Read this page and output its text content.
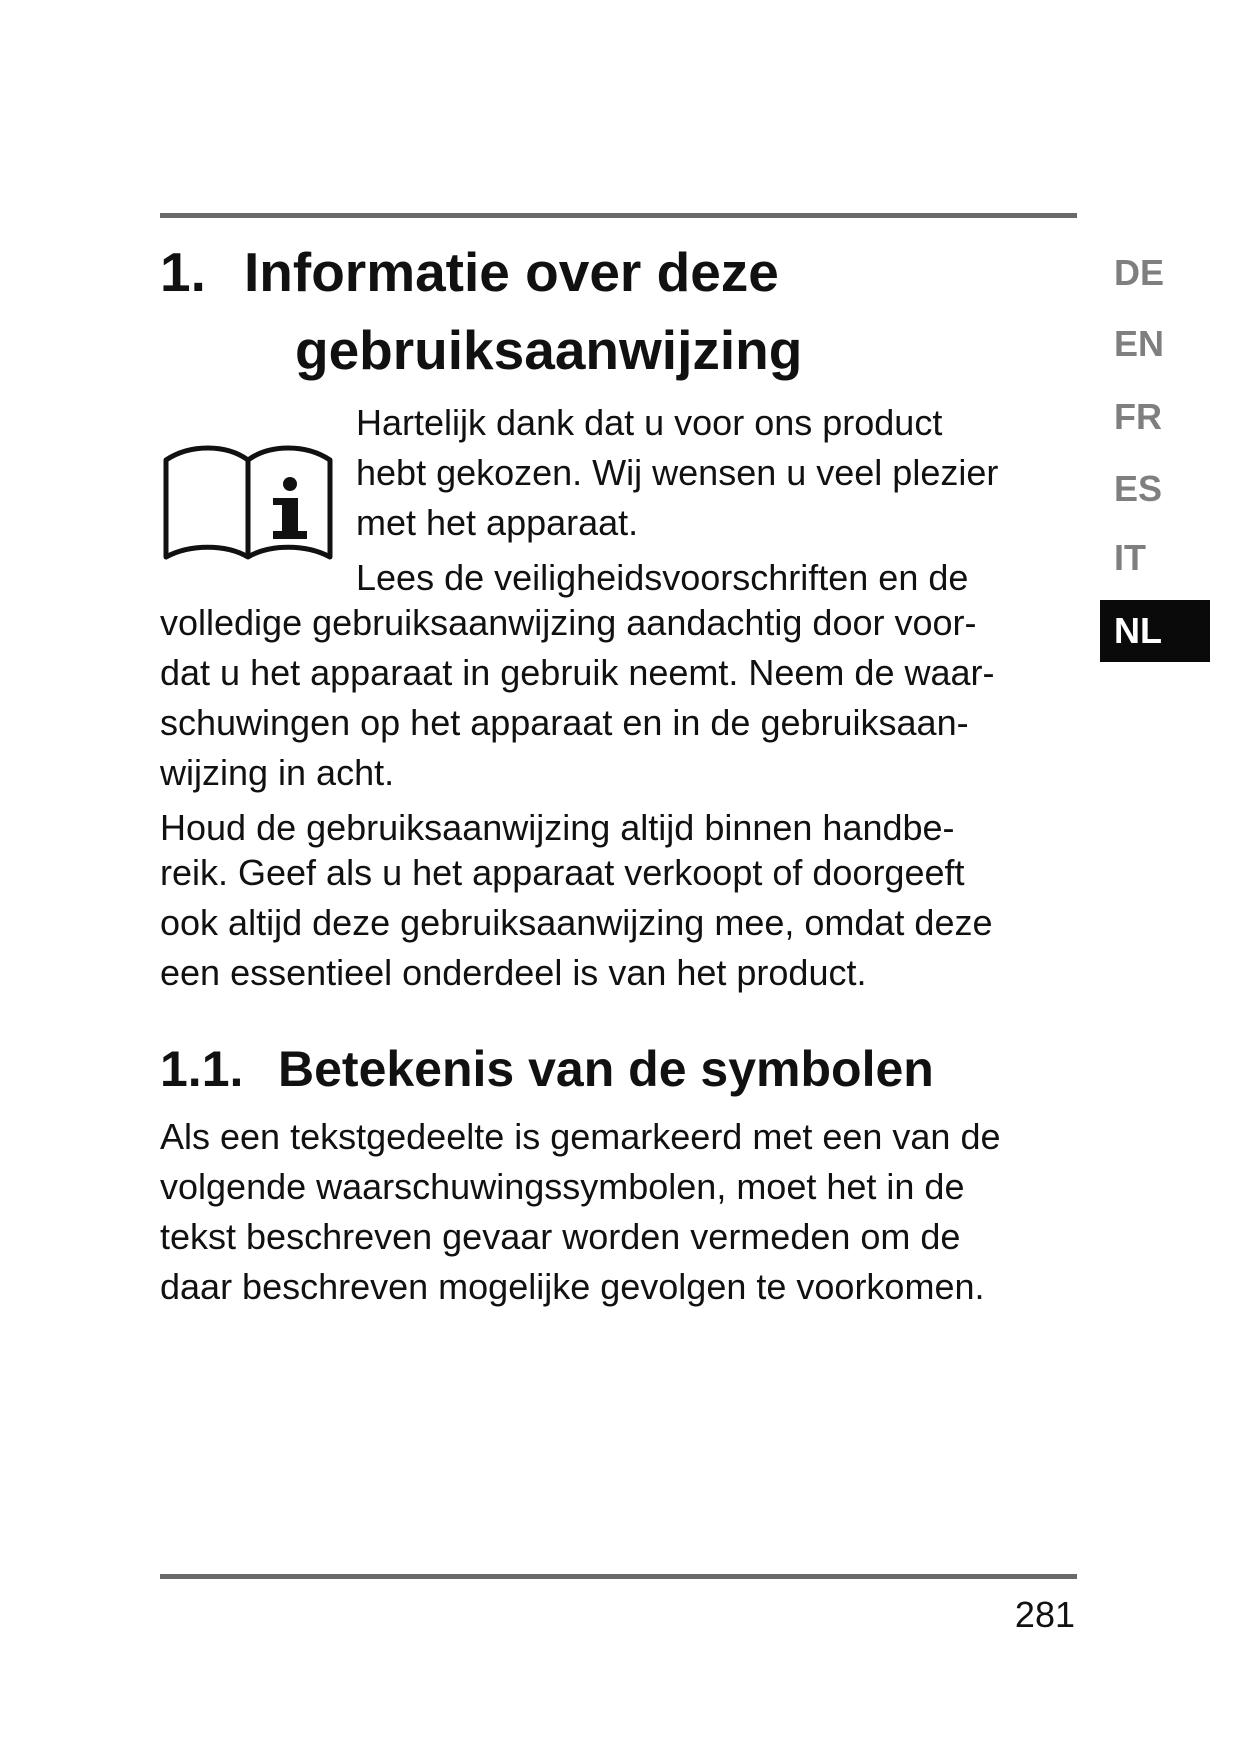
1. Informatie over deze
gebruiksaanwijzing

Hartelijk dank dat u voor ons product

hebt gekozen. Wij wensen u veel plezier

met het apparaat.

Lees de veiligheidsvoorschriften en de

volledige gebruiksaanwijzing aandachtig door voor-

dat u het apparaat in gebruik neemt. Neem de waar-

schuwingen op het apparaat en in de gebruiksaan-

wijzing in acht.

Houd de gebruiksaanwijzing altijd binnen handbe-

reik. Geef als u het apparaat verkoopt of doorgeeft

ook altijd deze gebruiksaanwijzing mee, omdat deze

een essentieel onderdeel is van het product.

1.1. Betekenis van de symbolen

Als een tekstgedeelte is gemarkeerd met een van de

volgende waarschuwingssymbolen, moet het in de

tekst beschreven gevaar worden vermeden om de

daar beschreven mogelijke gevolgen te voorkomen.

DE
EN
FR
ES
IT
NL
281
